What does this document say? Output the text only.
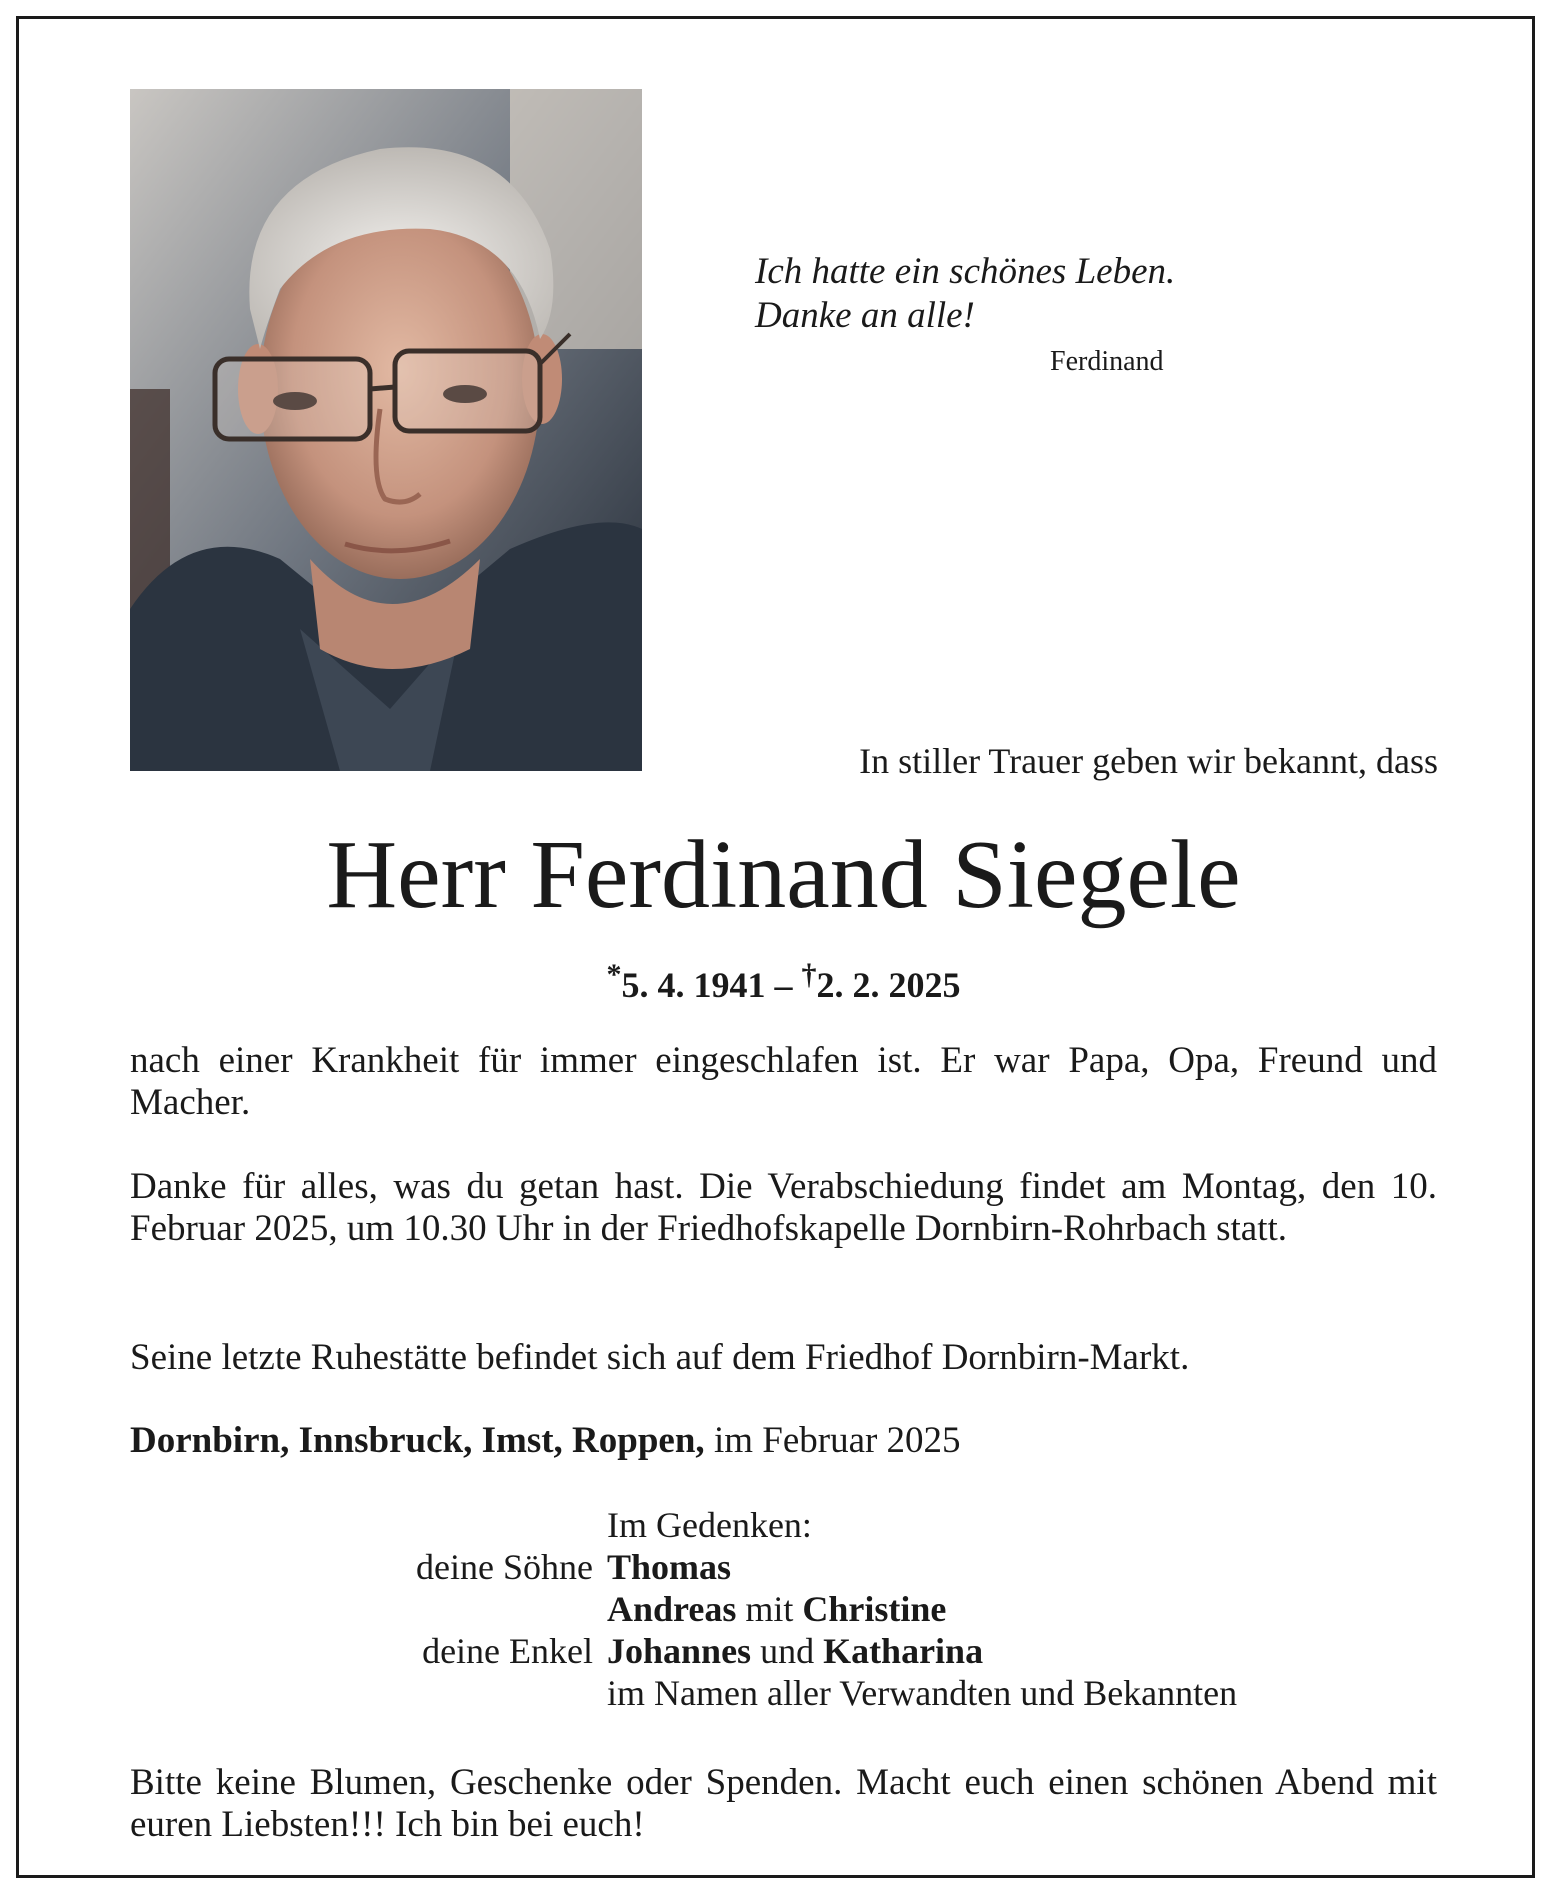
Ich hatte ein schönes Leben.
Danke an alle!
Ferdinand
In stiller Trauer geben wir bekannt, dass
Herr Ferdinand Siegele
*5. 4. 1941 – †2. 2. 2025
nach einer Krankheit für immer eingeschlafen ist. Er war Papa, Opa, Freund und Macher.
Danke für alles, was du getan hast. Die Verabschiedung findet am Montag, den 10. Februar 2025, um 10.30 Uhr in der Friedhofskapelle Dornbirn-Rohrbach statt.
Seine letzte Ruhestätte befindet sich auf dem Friedhof Dornbirn-Markt.
Dornbirn, Innsbruck, Imst, Roppen, im Februar 2025
Im Gedenken:
deine Söhne Thomas
Andreas mit Christine
deine Enkel Johannes und Katharina
im Namen aller Verwandten und Bekannten
Bitte keine Blumen, Geschenke oder Spenden. Macht euch einen schönen Abend mit euren Liebsten!!! Ich bin bei euch!
